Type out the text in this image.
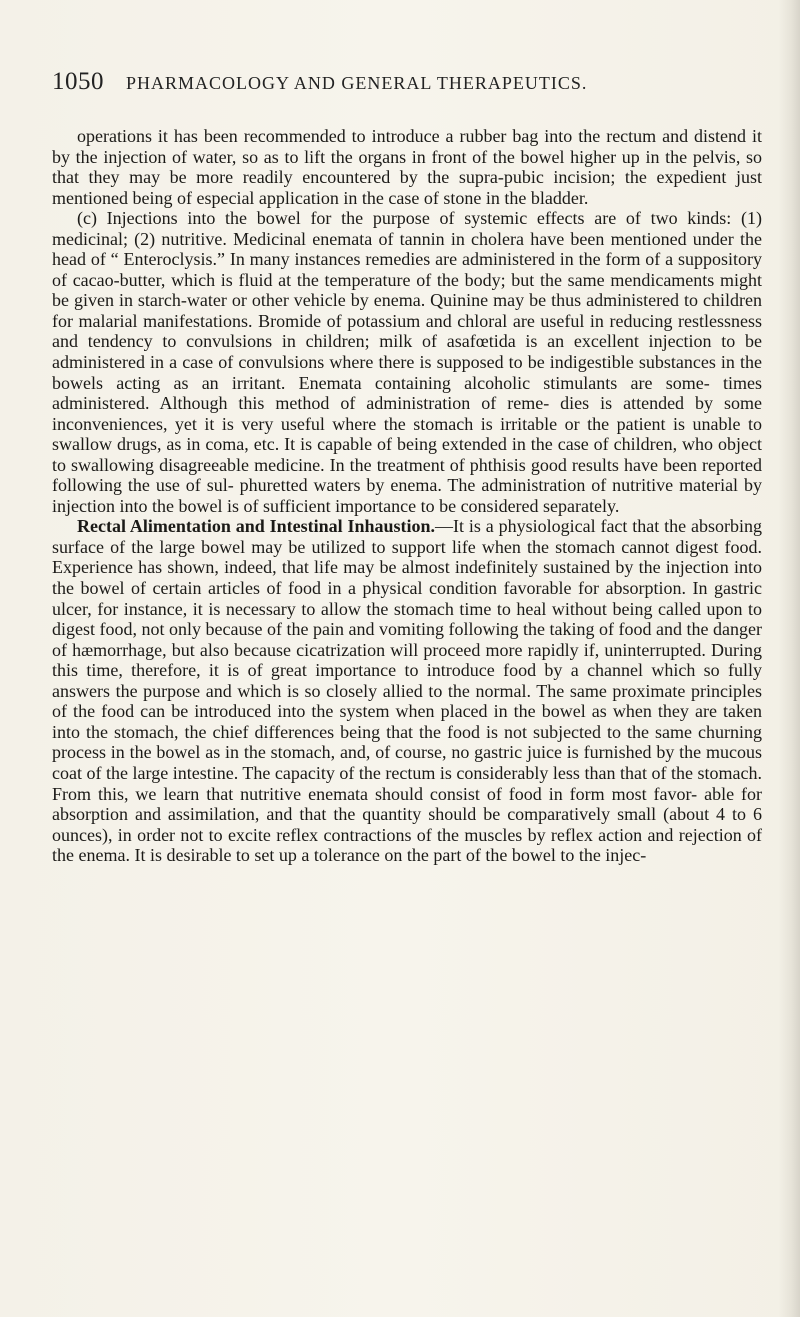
1050 PHARMACOLOGY AND GENERAL THERAPEUTICS.

operations it has been recommended to introduce a rubber bag into the rectum and distend it by the injection of water, so as to lift the organs in front of the bowel higher up in the pelvis, so that they may be more readily encountered by the supra-pubic incision; the expedient just mentioned being of especial application in the case of stone in the bladder.

(c) Injections into the bowel for the purpose of systemic effects are of two kinds: (1) medicinal; (2) nutritive. Medicinal enemata of tannin in cholera have been mentioned under the head of “ Enteroclysis.” In many instances remedies are administered in the form of a suppository of cacao-butter, which is fluid at the temperature of the body; but the same mendicaments might be given in starch-water or other vehicle by enema. Quinine may be thus administered to children for malarial manifestations. Bromide of potassium and chloral are useful in reducing restlessness and tendency to convulsions in children; milk of asafœtida is an excellent injection to be administered in a case of convulsions where there is supposed to be indigestible substances in the bowels acting as an irritant. Enemata containing alcoholic stimulants are some- times administered. Although this method of administration of reme- dies is attended by some inconveniences, yet it is very useful where the stomach is irritable or the patient is unable to swallow drugs, as in coma, etc. It is capable of being extended in the case of children, who object to swallowing disagreeable medicine. In the treatment of phthisis good results have been reported following the use of sul- phuretted waters by enema. The administration of nutritive material by injection into the bowel is of sufficient importance to be considered separately.

Rectal Alimentation and Intestinal Inhaustion.—It is a physiological fact that the absorbing surface of the large bowel may be utilized to support life when the stomach cannot digest food. Experience has shown, indeed, that life may be almost indefinitely sustained by the injection into the bowel of certain articles of food in a physical condition favorable for absorption. In gastric ulcer, for instance, it is necessary to allow the stomach time to heal without being called upon to digest food, not only because of the pain and vomiting following the taking of food and the danger of hæmorrhage, but also because cicatrization will proceed more rapidly if, uninterrupted. During this time, therefore, it is of great importance to introduce food by a channel which so fully answers the purpose and which is so closely allied to the normal. The same proximate principles of the food can be introduced into the system when placed in the bowel as when they are taken into the stomach, the chief differences being that the food is not subjected to the same churning process in the bowel as in the stomach, and, of course, no gastric juice is furnished by the mucous coat of the large intestine. The capacity of the rectum is considerably less than that of the stomach. From this, we learn that nutritive enemata should consist of food in form most favor- able for absorption and assimilation, and that the quantity should be comparatively small (about 4 to 6 ounces), in order not to excite reflex contractions of the muscles by reflex action and rejection of the enema. It is desirable to set up a tolerance on the part of the bowel to the injec-
